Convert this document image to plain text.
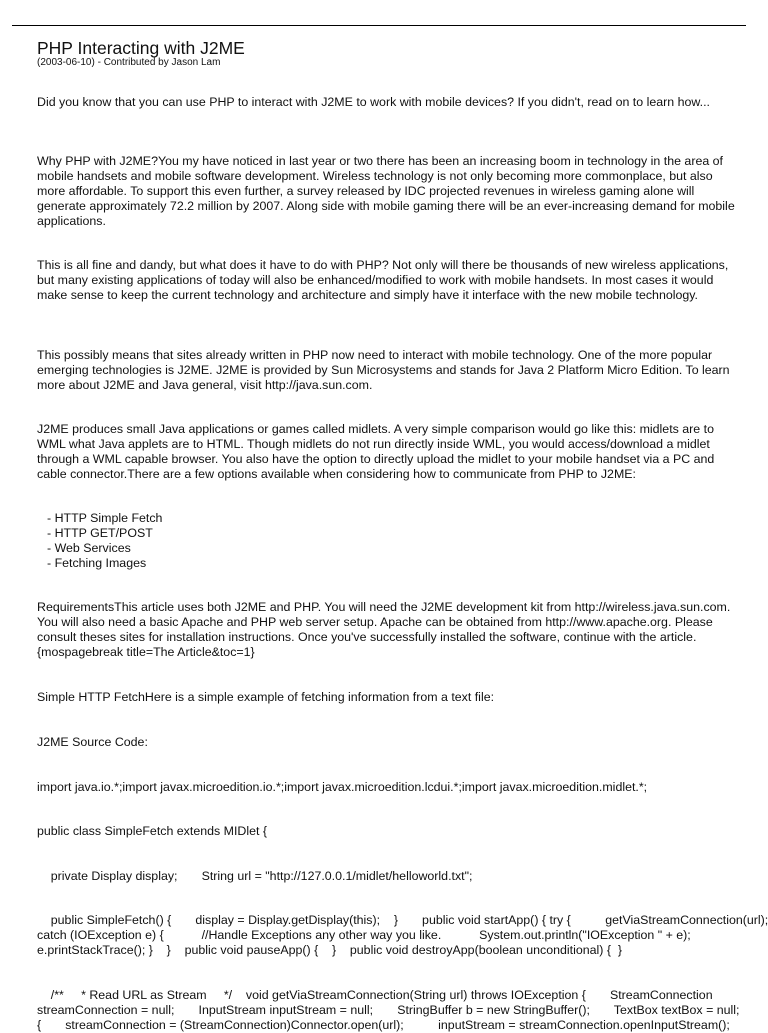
PHP Interacting with J2ME
(2003-06-10) - Contributed by Jason Lam

Did you know that you can use PHP to interact with J2ME to work with mobile devices? If you didn't, read on to learn how...

Why PHP with J2ME?You my have noticed in last year or two there has been an increasing boom in technology in the area of mobile handsets and mobile software development. Wireless technology is not only becoming more commonplace, but also more affordable. To support this even further, a survey released by IDC projected revenues in wireless gaming alone will generate approximately 72.2 million by 2007. Along side with mobile gaming there will be an ever-increasing demand for mobile applications.

This is all fine and dandy, but what does it have to do with PHP? Not only will there be thousands of new wireless applications, but many existing applications of today will also be enhanced/modified to work with mobile handsets. In most cases it would make sense to keep the current technology and architecture and simply have it interface with the new mobile technology.

This possibly means that sites already written in PHP now need to interact with mobile technology. One of the more popular emerging technologies is J2ME. J2ME is provided by Sun Microsystems and stands for Java 2 Platform Micro Edition. To learn more about J2ME and Java general, visit http://java.sun.com.

J2ME produces small Java applications or games called midlets. A very simple comparison would go like this: midlets are to WML what Java applets are to HTML. Though midlets do not run directly inside WML, you would access/download a midlet through a WML capable browser. You also have the option to directly upload the midlet to your mobile handset via a PC and cable connector.There are a few options available when considering how to communicate from PHP to J2ME:

- HTTP Simple Fetch
- HTTP GET/POST
- Web Services
- Fetching Images

RequirementsThis article uses both J2ME and PHP. You will need the J2ME development kit from http://wireless.java.sun.com. You will also need a basic Apache and PHP web server setup. Apache can be obtained from http://www.apache.org. Please consult theses sites for installation instructions. Once you've successfully installed the software, continue with the article.{mospagebreak title=The Article&toc=1}

Simple HTTP FetchHere is a simple example of fetching information from a text file:

J2ME Source Code:

import java.io.*;import javax.microedition.io.*;import javax.microedition.lcdui.*;import javax.microedition.midlet.*;
public class SimpleFetch extends MIDlet {
private Display display;       String url = "http://127.0.0.1/midlet/helloworld.txt";
public SimpleFetch() {       display = Display.getDisplay(this);    }       public void startApp() { try {          getViaStreamConnection(url);
catch (IOException e) {           //Handle Exceptions any other way you like.           System.out.println("IOException " + e);
e.printStackTrace(); }    }    public void pauseApp() {    }    public void destroyApp(boolean unconditional) {  }
/**     * Read URL as Stream     */    void getViaStreamConnection(String url) throws IOException {       StreamConnection
streamConnection = null;       InputStream inputStream = null;       StringBuffer b = new StringBuffer();       TextBox textBox = null;
{       streamConnection = (StreamConnection)Connector.open(url);          inputStream = streamConnection.openInputStream();
